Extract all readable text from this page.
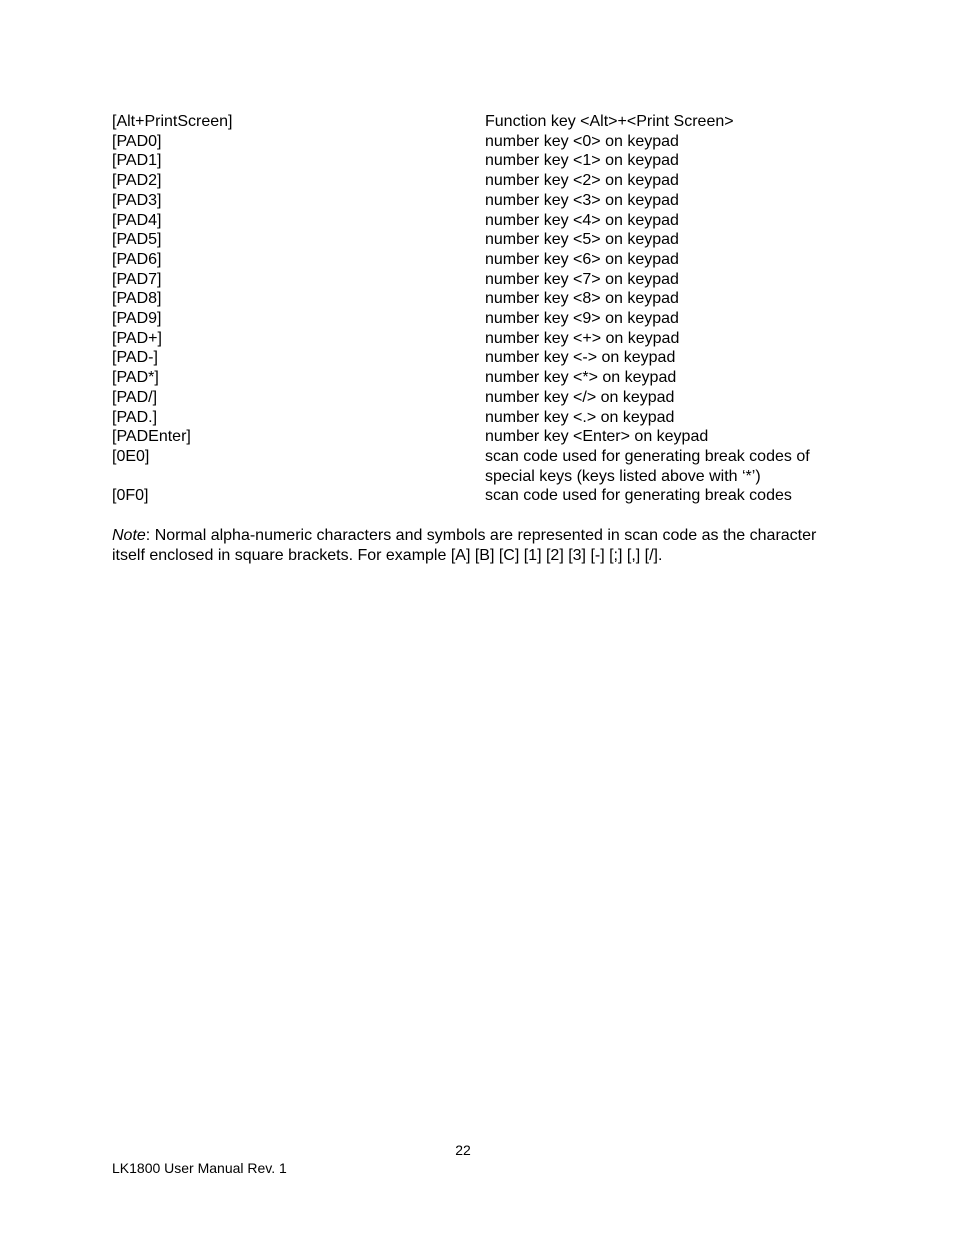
[Alt+PrintScreen]	Function key <Alt>+<Print Screen>
[PAD0]	number key <0> on keypad
[PAD1]	number key <1> on keypad
[PAD2]	number key <2> on keypad
[PAD3]	number key <3> on keypad
[PAD4]	number key <4> on keypad
[PAD5]	number key <5> on keypad
[PAD6]	number key <6> on keypad
[PAD7]	number key <7> on keypad
[PAD8]	number key <8> on keypad
[PAD9]	number key <9> on keypad
[PAD+]	number key <+> on keypad
[PAD-]	number key <-> on keypad
[PAD*]	number key <*> on keypad
[PAD/]	number key </> on keypad
[PAD.]	number key <.> on keypad
[PADEnter]	number key <Enter> on keypad
[0E0]	scan code used for generating break codes of
special keys (keys listed above with ‘*’)
[0F0]	scan code used for generating break codes
Note: Normal alpha-numeric characters and symbols are represented in scan code as the character itself enclosed in square brackets. For example [A] [B] [C] [1] [2] [3] [-] [;] [,] [/].
22
LK1800 User Manual Rev. 1
